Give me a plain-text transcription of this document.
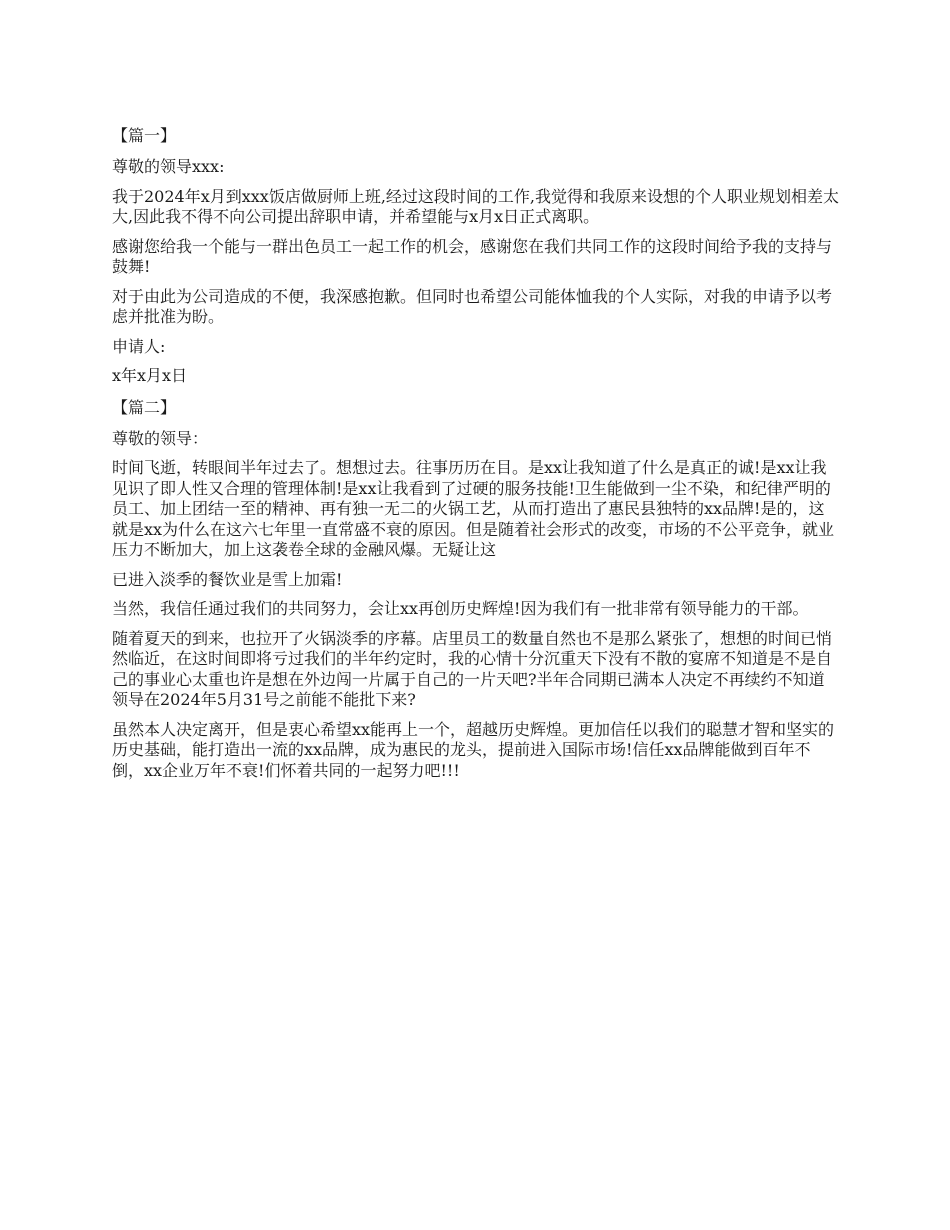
【篇一】

尊敬的领导xxx:

我于2024年x月到xxx饭店做厨师上班,经过这段时间的工作,我觉得和我原来设想的个人职业规划相差太大,因此我不得不向公司提出辞职申请，并希望能与x月x日正式离职。

感谢您给我一个能与一群出色员工一起工作的机会，感谢您在我们共同工作的这段时间给予我的支持与鼓舞!

对于由此为公司造成的不便，我深感抱歉。但同时也希望公司能体恤我的个人实际，对我的申请予以考虑并批准为盼。

申请人:

x年x月x日

【篇二】

尊敬的领导：

时间飞逝，转眼间半年过去了。想想过去。往事历历在目。是xx让我知道了什么是真正的诚!是xx让我见识了即人性又合理的管理体制!是xx让我看到了过硬的服务技能!卫生能做到一尘不染，和纪律严明的员工、加上团结一至的精神、再有独一无二的火锅工艺，从而打造出了惠民县独特的xx品牌!是的，这就是xx为什么在这六七年里一直常盛不衰的原因。但是随着社会形式的改变，市场的不公平竞争，就业压力不断加大，加上这袭卷全球的金融风爆。无疑让这

已进入淡季的餐饮业是雪上加霜!

当然，我信任通过我们的共同努力，会让xx再创历史辉煌!因为我们有一批非常有领导能力的干部。

随着夏天的到来，也拉开了火锅淡季的序幕。店里员工的数量自然也不是那么紧张了，想想的时间已悄然临近，在这时间即将亏过我们的半年约定时，我的心情十分沉重天下没有不散的宴席不知道是不是自己的事业心太重也许是想在外边闯一片属于自己的一片天吧?半年合同期已满本人决定不再续约不知道领导在2024年5月31号之前能不能批下来?

虽然本人决定离开，但是衷心希望xx能再上一个，超越历史辉煌。更加信任以我们的聪慧才智和坚实的历史基础，能打造出一流的xx品牌，成为惠民的龙头，提前进入国际市场!信任xx品牌能做到百年不倒，xx企业万年不衰!们怀着共同的一起努力吧!!!
